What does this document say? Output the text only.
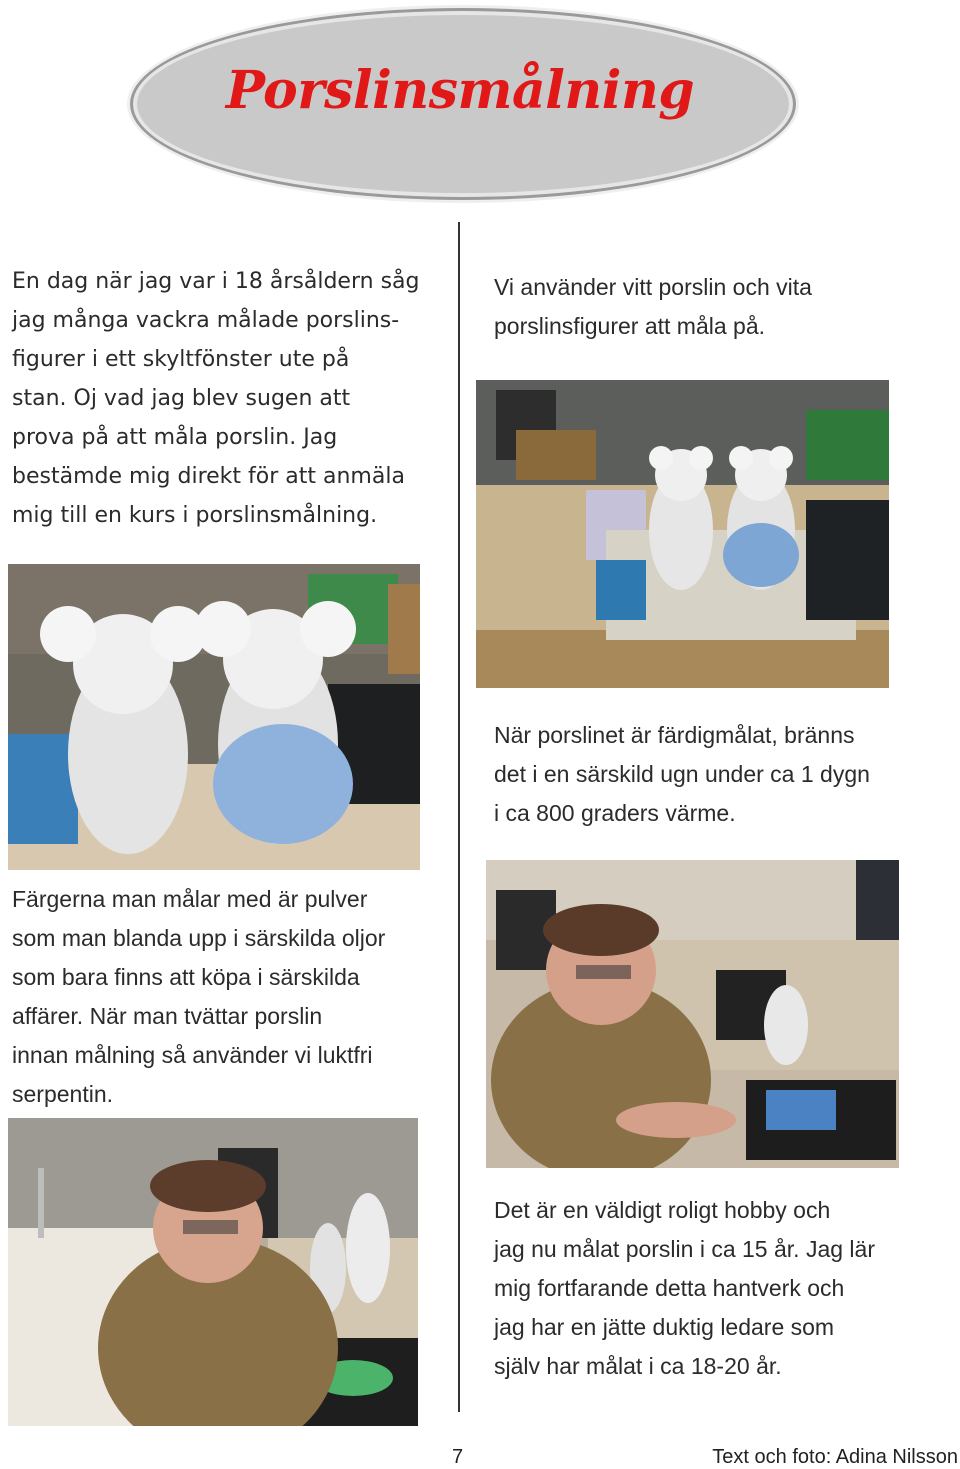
Porslinsmålning
En dag när jag var i 18 årsåldern såg
jag många vackra målade porslins-
figurer i ett skyltfönster ute på
stan. Oj vad jag blev sugen att
prova på att måla porslin. Jag
bestämde mig direkt för att anmäla
mig till en kurs i porslinsmålning.
Vi använder vitt porslin och vita
porslinsfigurer att måla på.
När porslinet är färdigmålat, bränns
det i en särskild ugn under ca 1 dygn
i ca 800 graders värme.
Färgerna man målar med är pulver
som man blanda upp i särskilda oljor
som bara finns att köpa i särskilda
affärer. När man tvättar porslin
innan målning så använder vi luktfri
serpentin.
Det är en väldigt roligt hobby och
jag nu målat porslin i ca 15 år. Jag lär
mig fortfarande detta hantverk och
jag har en jätte duktig ledare som
själv har målat i ca 18-20 år.
7	Text och foto: Adina Nilsson
